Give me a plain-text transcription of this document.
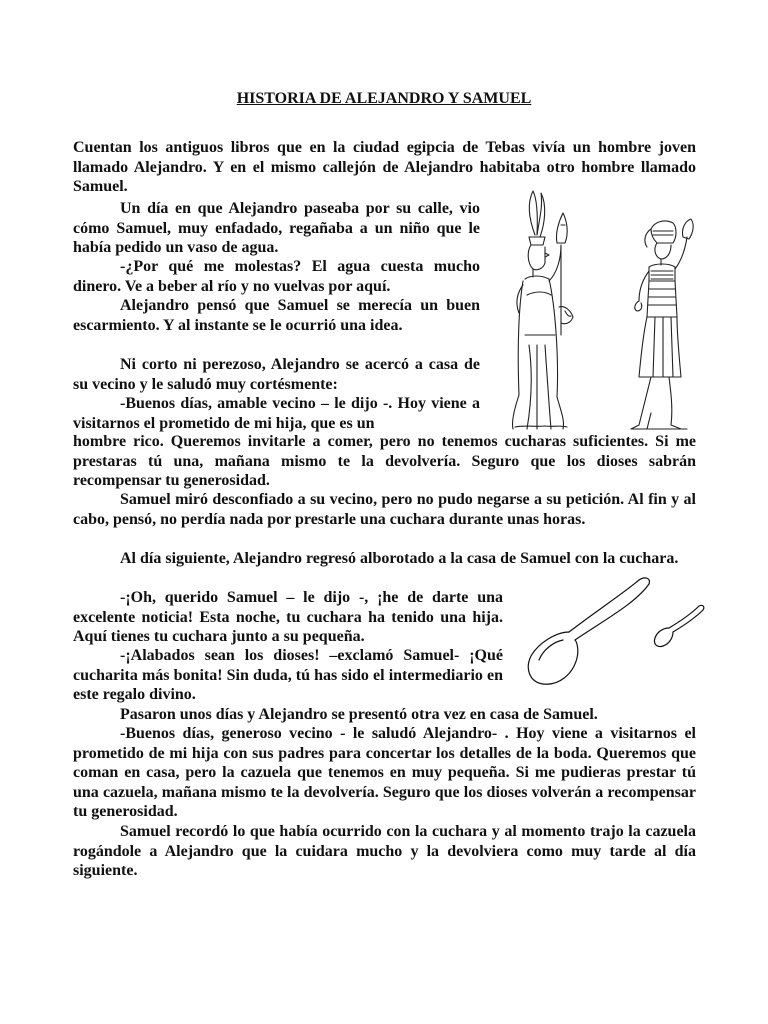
HISTORIA DE ALEJANDRO Y SAMUEL

Cuentan los antiguos libros que en la ciudad egipcia de Tebas vivía un hombre joven llamado Alejandro. Y en el mismo callejón de Alejandro habitaba otro hombre llamado Samuel.

Un día en que Alejandro paseaba por su calle, vio cómo Samuel, muy enfadado, regañaba a un niño que le había pedido un vaso de agua.

-¿Por qué me molestas? El agua cuesta mucho dinero. Ve a beber al río y no vuelvas por aquí.

Alejandro pensó que Samuel se merecía un buen escarmiento. Y al instante se le ocurrió una idea.

Ni corto ni perezoso, Alejandro se acercó a casa de su vecino y le saludó muy cortésmente:

-Buenos días, amable vecino – le dijo -. Hoy viene a visitarnos el prometido de mi hija, que es un

hombre rico. Queremos invitarle a comer, pero no tenemos cucharas suficientes. Si me prestaras tú una, mañana mismo te la devolvería. Seguro que los dioses sabrán recompensar tu generosidad.

Samuel miró desconfiado a su vecino, pero no pudo negarse a su petición. Al fin y al cabo, pensó, no perdía nada por prestarle una cuchara durante unas horas.

Al día siguiente, Alejandro regresó alborotado a la casa de Samuel con la cuchara.

-¡Oh, querido Samuel – le dijo -, ¡he de darte una excelente noticia! Esta noche, tu cuchara ha tenido una hija. Aquí tienes tu cuchara junto a su pequeña.

-¡Alabados sean los dioses! –exclamó Samuel- ¡Qué cucharita más bonita! Sin duda, tú has sido el intermediario en este regalo divino.

Pasaron unos días y Alejandro se presentó otra vez en casa de Samuel.

-Buenos días, generoso vecino - le saludó Alejandro- . Hoy viene a visitarnos el prometido de mi hija con sus padres para concertar los detalles de la boda. Queremos que coman en casa, pero la cazuela que tenemos en muy pequeña. Si me pudieras prestar tú una cazuela, mañana mismo te la devolvería. Seguro que los dioses volverán a recompensar tu generosidad.

Samuel recordó lo que había ocurrido con la cuchara y al momento trajo la cazuela rogándole a Alejandro que la cuidara mucho y la devolviera como muy tarde al día siguiente.
